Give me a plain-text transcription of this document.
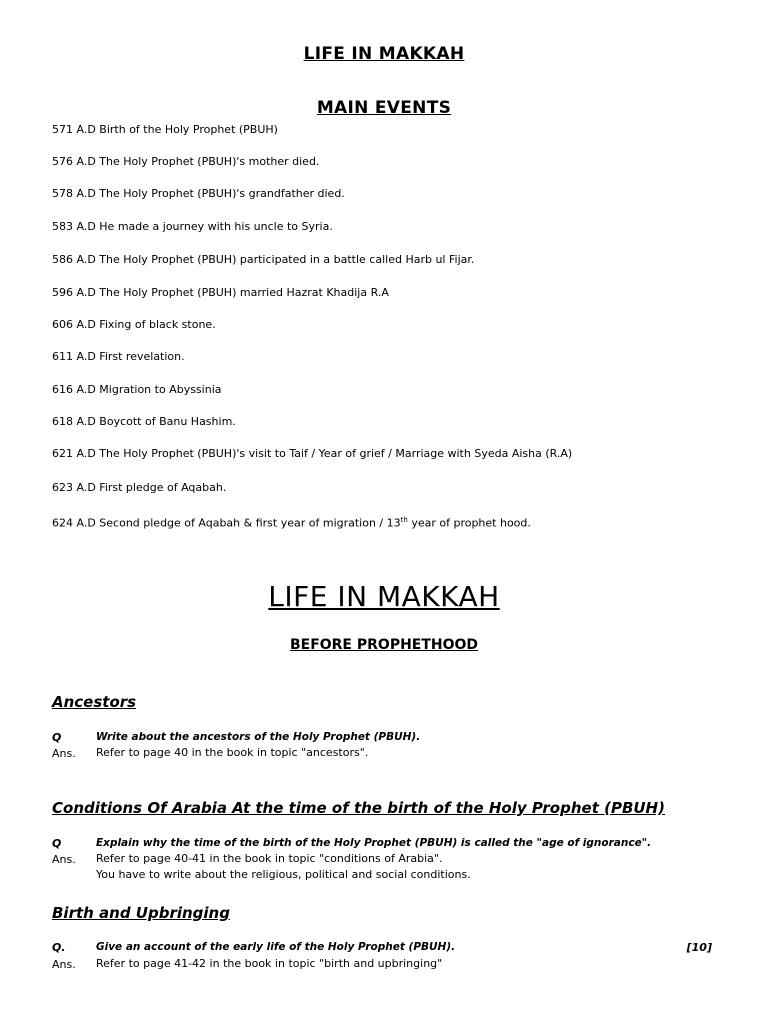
LIFE IN MAKKAH
MAIN EVENTS
571 A.D Birth of the Holy Prophet (PBUH)
576 A.D The Holy Prophet (PBUH)'s mother died.
578 A.D The Holy Prophet (PBUH)'s grandfather died.
583 A.D He made a journey with his uncle to Syria.
586 A.D The Holy Prophet (PBUH) participated in a battle called Harb ul Fijar.
596 A.D The Holy Prophet (PBUH) married Hazrat Khadija R.A
606 A.D Fixing of black stone.
611 A.D First revelation.
616 A.D Migration to Abyssinia
618 A.D Boycott of Banu Hashim.
621 A.D The Holy Prophet (PBUH)'s visit to Taif / Year of grief / Marriage with Syeda Aisha (R.A)
623 A.D First pledge of Aqabah.
624 A.D Second pledge of Aqabah & first year of migration / 13th year of prophet hood.
LIFE IN MAKKAH
BEFORE PROPHETHOOD
Ancestors
Q	Write about the ancestors of the Holy Prophet (PBUH).
Ans. Refer to page 40 in the book in topic "ancestors".
Conditions Of Arabia At the time of the birth of the Holy Prophet (PBUH)
Q	Explain why the time of the birth of the Holy Prophet (PBUH) is called the "age of ignorance".
Ans. Refer to page 40-41 in the book in topic "conditions of Arabia".
You have to write about the religious, political and social conditions.
Birth and Upbringing
Q.	Give an account of the early life of the Holy Prophet (PBUH).	[10]
Ans. Refer to page 41-42 in the book in topic "birth and upbringing"
